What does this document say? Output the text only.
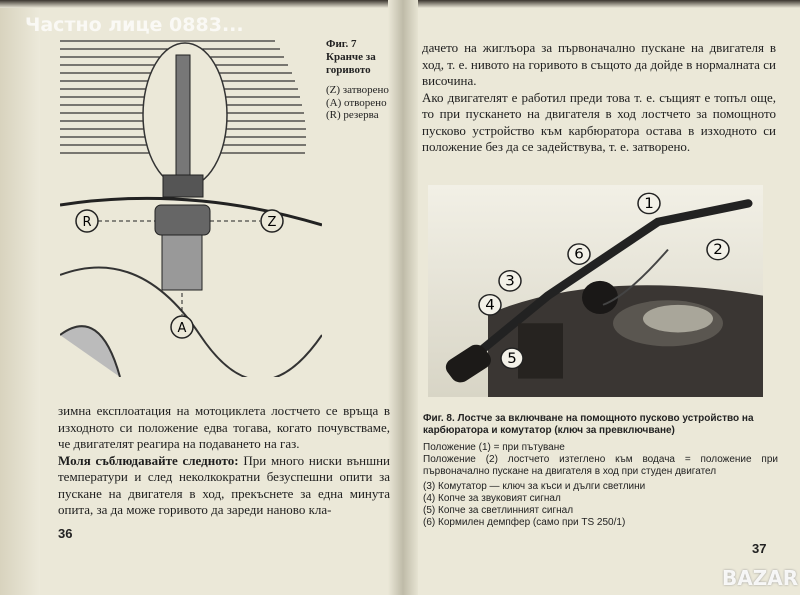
R	Z
A
Частно лице 0883...
Фиг. 7
Кранче за горивото
(Z) затворено
(A) отворено
(R) резерва

зимна експлоатация на мотоциклета лостчето се връща в изходното си положение едва тогава, когато почувстваме, че двигателят реагира на подаването на газ.

Моля съблюдавайте следното: При много ниски външни температури и след неколкократни безуспешни опити за пускане на двигателя в ход, прекъснете за една минута опита, за да може горивото да зареди наново кла-

36

дачето на жиглъора за първоначално пускане на двигателя в ход, т. е. нивото на горивото в същото да дойде в нормалната си височина.

Ако двигателят е работил преди това т. е. същият е топъл още, то при пускането на двигателя в ход лостчето за помощното пусково устройство към карбюратора остава в изходното си положение без да се задействува, т. е. затворено.

1
2
3
4
5
6

Фиг. 8. Лостче за включване на помощното пусково устройство на карбюратора и комутатор (ключ за превключване)

Положение (1) = при пътуване
Положение (2) лостчето изтеглено към водача = положение при първоначално пускане на двигателя в ход при студен двигател
(3) Комутатор — ключ за къси и дълги светлини
(4) Копче за звуковият сигнал
(5) Копче за светлинният сигнал
(6) Кормилен демпфер (само при TS 250/1)
37
BAZAR
